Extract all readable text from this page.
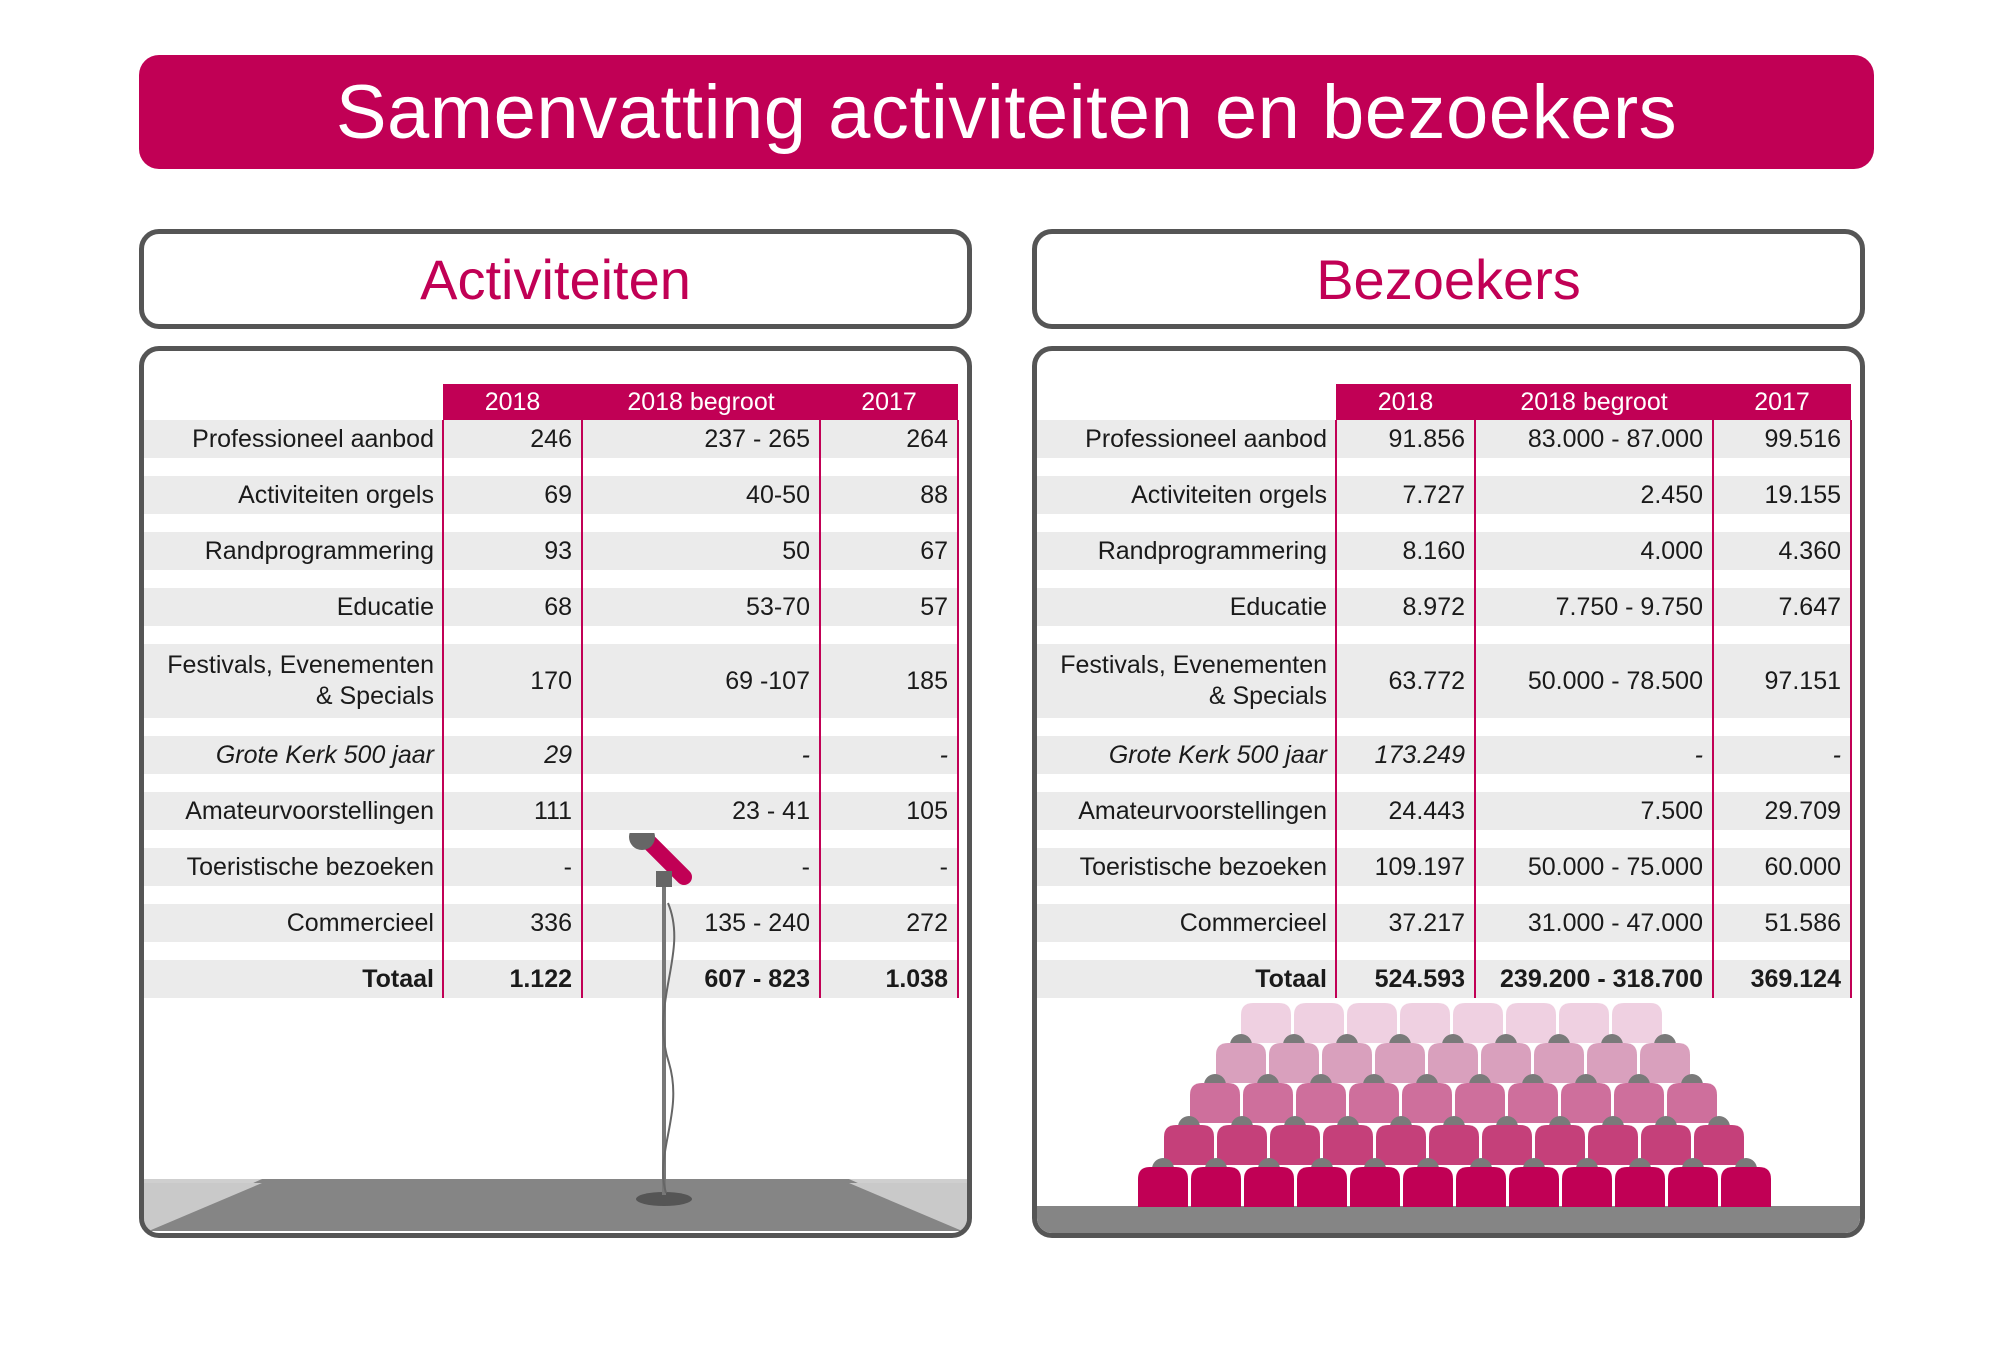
Samenvatting activiteiten en bezoekers
Activiteiten
	2018	2018 begroot	2017
Professioneel aanbod	246	237 - 265	264

Activiteiten orgels	69	40-50	88

Randprogrammering	93	50	67

Educatie	68	53-70	57

Festivals, Evenementen & Specials	170	69 -107	185

Grote Kerk 500 jaar	29	-	-

Amateurvoorstellingen	111	23 - 41	105

Toeristische bezoeken	-	-	-

Commercieel	336	135 - 240	272

Totaal	1.122	607 - 823	1.038
Bezoekers
	2018	2018 begroot	2017
Professioneel aanbod	91.856	83.000 - 87.000	99.516

Activiteiten orgels	7.727	2.450	19.155

Randprogrammering	8.160	4.000	4.360

Educatie	8.972	7.750 - 9.750	7.647

Festivals, Evenementen & Specials	63.772	50.000 - 78.500	97.151

Grote Kerk 500 jaar	173.249	-	-

Amateurvoorstellingen	24.443	7.500	29.709

Toeristische bezoeken	109.197	50.000 - 75.000	60.000

Commercieel	37.217	31.000 - 47.000	51.586

Totaal	524.593	239.200 - 318.700	369.124
